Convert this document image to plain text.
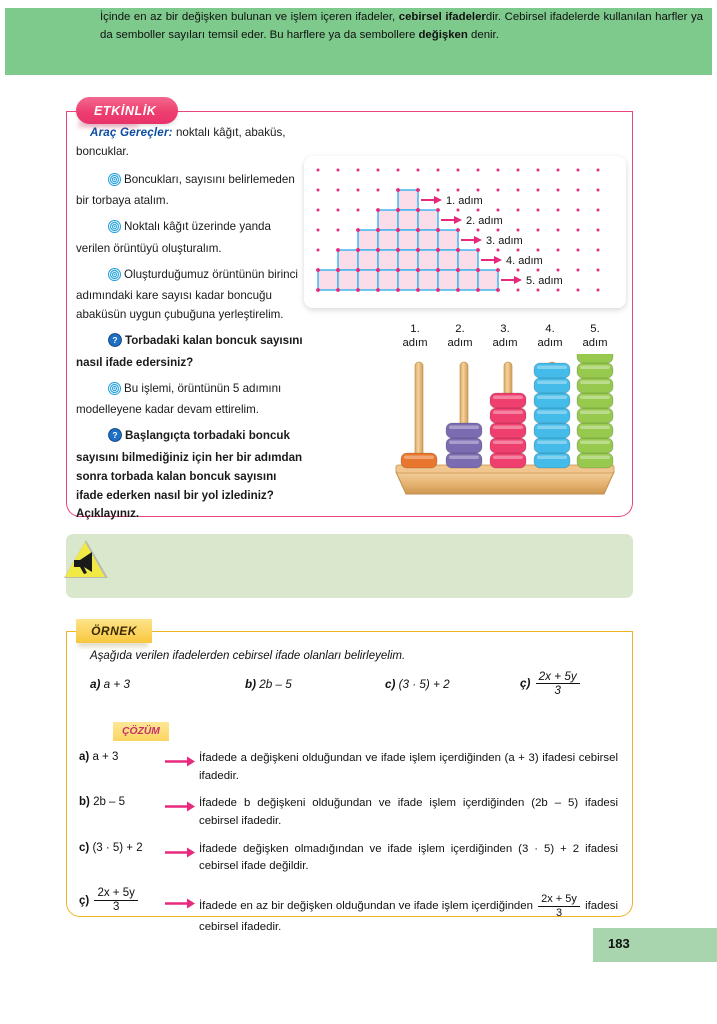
ETKİNLİK

Araç Gereçler: noktalı kâğıt, abaküs, boncuklar.

Boncukları, sayısını belirlemeden bir torbaya atalım.

Noktalı kâğıt üzerinde yanda verilen örüntüyü oluşturalım.

Oluşturduğumuz örüntünün birinci adımındaki kare sayısı kadar boncuğu abaküsün uygun çubuğuna yerleştirelim.

? Torbadaki kalan boncuk sayısını nasıl ifade edersiniz?

Bu işlemi, örüntünün 5 adımını modelleyene kadar devam ettirelim.

? Başlangıçta torbadaki boncuk sayısını bilmediğiniz için her bir adımdan sonra torbada kalan boncuk sayısını ifade ederken nasıl bir yol izlediniz? Açıklayınız.

1. adım
2. adım
3. adım
4. adım
5. adım
1.
adım
2.
adım
3.
adım
4.
adım
5.
adım
İçinde en az bir değişken bulunan ve işlem içeren ifadeler, cebirsel ifadelerdir. Cebirsel ifadelerde kullanılan harfler ya da semboller sayıları temsil eder. Bu harflere ya da sembollere değişken denir.
ÖRNEK
Aşağıda verilen ifadelerden cebirsel ifade olanları belirleyelim.
a) a + 3	b) 2b – 5	c) (3 · 5) + 2	ç) $\frac{2x + 5y}{3}$
ÇÖZÜM
a) a + 3	İfadede a değişkeni olduğundan ve ifade işlem içerdiğinden (a + 3) ifadesi cebirsel ifadedir.
b) 2b – 5	İfadede b değişkeni olduğundan ve ifade işlem içerdiğinden (2b – 5) ifadesi cebirsel ifadedir.
c) (3 · 5) + 2	İfadede değişken olmadığından ve ifade işlem içerdiğinden (3 · 5) + 2 ifadesi cebirsel ifade değildir.
ç) $\frac{2x + 5y}{3}$	İfadede en az bir değişken olduğundan ve ifade işlem içerdiğinden $\frac{2x + 5y}{3}$ ifadesi cebirsel ifadedir.
183
